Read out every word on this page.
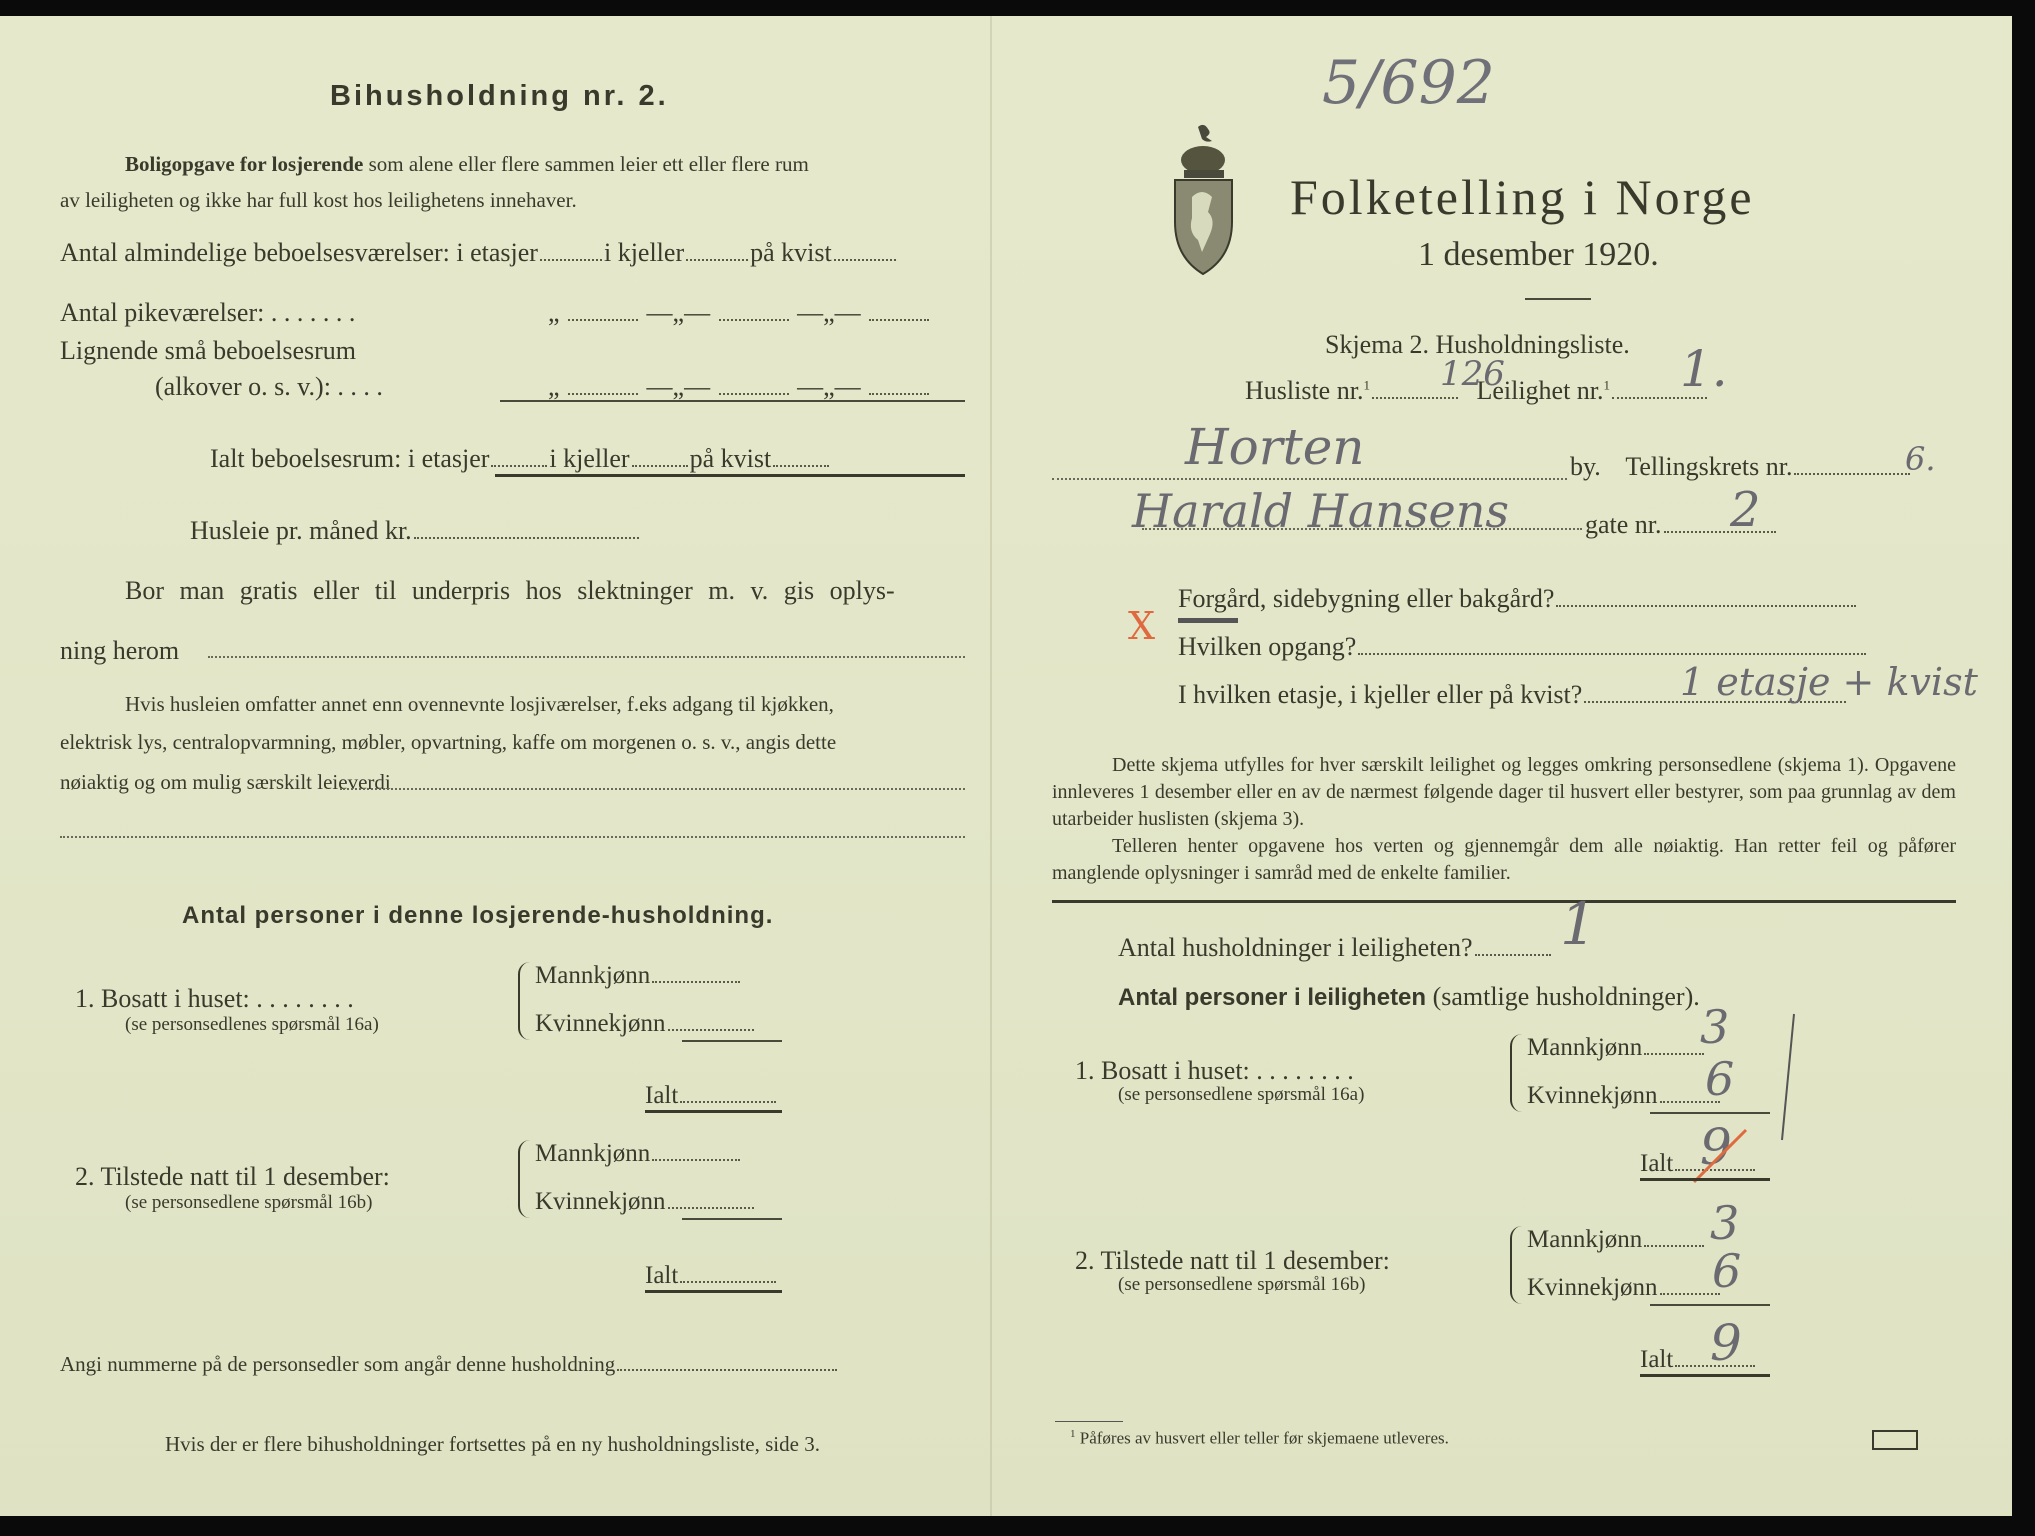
Bihusholdning nr. 2.
Boligopgave for losjerende som alene eller flere sammen leier ett eller flere rum
av leiligheten og ikke har full kost hos leilighetens innehaver.
Antal almindelige beboelsesværelser: i etasjer	i kjeller	på kvist
Antal pikeværelser: . . . . . . .	„	—„—	—„—
Lignende små beboelsesrum
(alkover o. s. v.): . . . .	„	—„—	—„—
Ialt beboelsesrum: i etasjer i kjeller på kvist
Husleie pr. måned kr.
Bor man gratis eller til underpris hos slektninger m. v. gis oplys-
ning herom
Hvis husleien omfatter annet enn ovennevnte losjiværelser, f.eks adgang til kjøkken,
elektrisk lys, centralopvarmning, møbler, opvartning, kaffe om morgenen o. s. v., angis dette
nøiaktig og om mulig særskilt leieverdi
Antal personer i denne losjerende-husholdning.
1. Bosatt i huset: . . . . . . . .
(se personsedlenes spørsmål 16a)
Mannkjønn
Kvinnekjønn
Ialt
2. Tilstede natt til 1 desember:
(se personsedlene spørsmål 16b)
Mannkjønn
Kvinnekjønn
Ialt
Angi nummerne på de personsedler som angår denne husholdning
Hvis der er flere bihusholdninger fortsettes på en ny husholdningsliste, side 3.
5/692
Folketelling i Norge
1 desember 1920.
Skjema 2. Husholdningsliste.
Husliste nr.$^1$	Leilighet nr.$^1$
126	1.
Horten	by. Tellingskrets nr.	6.
Harald Hansens	gate nr.	2
X
Forgård, sidebygning eller bakgård?
Hvilken opgang?
I hvilken etasje, i kjeller eller på kvist?	1 etasje + kvist
Dette skjema utfylles for hver særskilt leilighet og legges omkring personsedlene (skjema 1). Opgavene innleveres 1 desember eller en av de nærmest følgende dager til husvert eller bestyrer, som paa grunnlag av dem utarbeider huslisten (skjema 3).
Telleren henter opgavene hos verten og gjennemgår dem alle nøiaktig. Han retter feil og påfører manglende oplysninger i samråd med de enkelte familier.
Antal husholdninger i leiligheten?	1
Antal personer i leiligheten (samtlige husholdninger).
1. Bosatt i huset: . . . . . . . .
(se personsedlene spørsmål 16a)
Mannkjønn	3
Kvinnekjønn	6
Ialt 9
2. Tilstede natt til 1 desember:
(se personsedlene spørsmål 16b)
Mannkjønn	3
Kvinnekjønn	6
Ialt 9
$^1$ Påføres av husvert eller teller før skjemaene utleveres.
